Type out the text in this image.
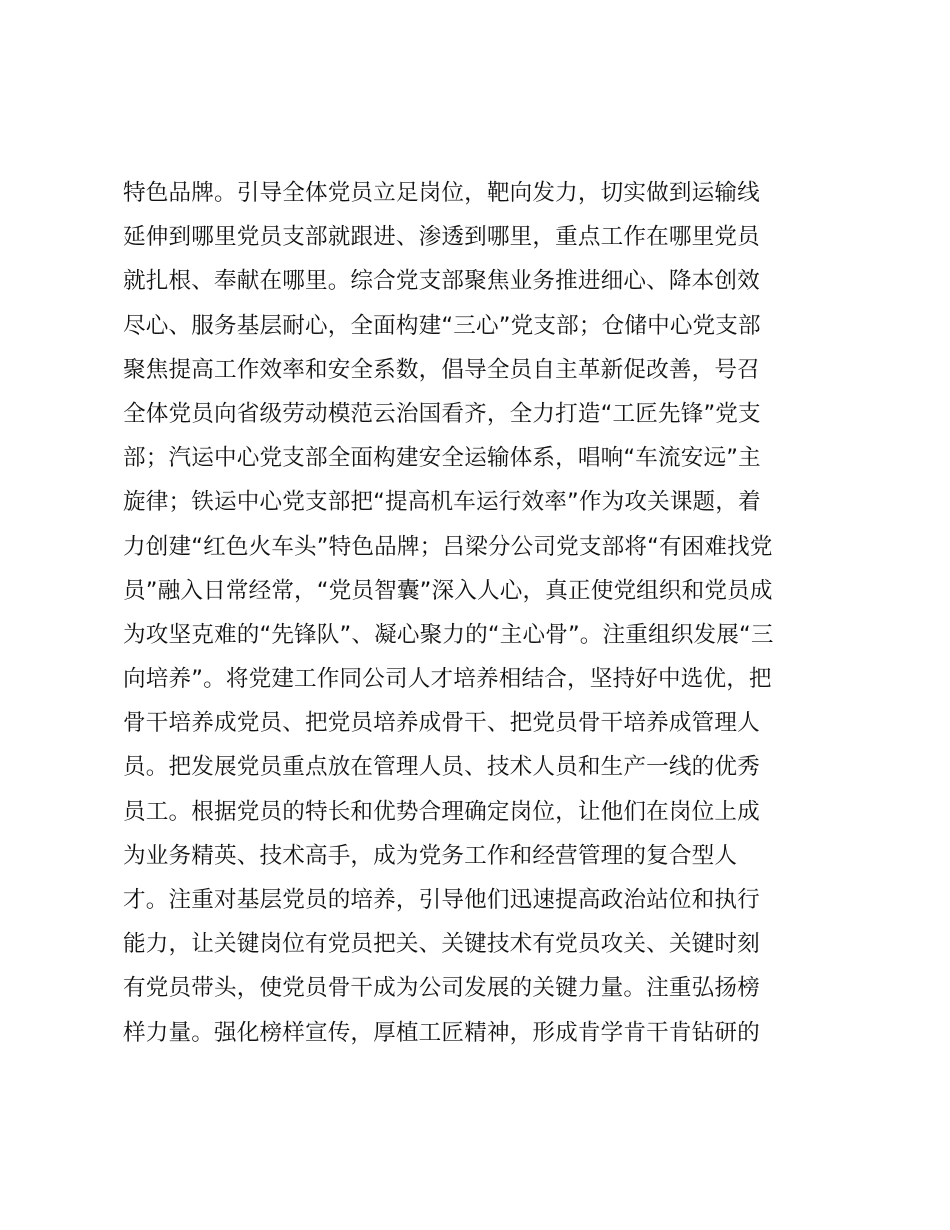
特色品牌。引导全体党员立足岗位，靶向发力，切实做到运输线
延伸到哪里党员支部就跟进、渗透到哪里，重点工作在哪里党员
就扎根、奉献在哪里。综合党支部聚焦业务推进细心、降本创效
尽心、服务基层耐心，全面构建“三心”党支部；仓储中心党支部
聚焦提高工作效率和安全系数，倡导全员自主革新促改善，号召
全体党员向省级劳动模范云治国看齐，全力打造“工匠先锋”党支
部；汽运中心党支部全面构建安全运输体系，唱响“车流安远”主
旋律；铁运中心党支部把“提高机车运行效率”作为攻关课题，着
力创建“红色火车头”特色品牌；吕梁分公司党支部将“有困难找党
员”融入日常经常，“党员智囊”深入人心，真正使党组织和党员成
为攻坚克难的“先锋队”、凝心聚力的“主心骨”。注重组织发展“三
向培养”。将党建工作同公司人才培养相结合，坚持好中选优，把
骨干培养成党员、把党员培养成骨干、把党员骨干培养成管理人
员。把发展党员重点放在管理人员、技术人员和生产一线的优秀
员工。根据党员的特长和优势合理确定岗位，让他们在岗位上成
为业务精英、技术高手，成为党务工作和经营管理的复合型人
才。注重对基层党员的培养，引导他们迅速提高政治站位和执行
能力，让关键岗位有党员把关、关键技术有党员攻关、关键时刻
有党员带头，使党员骨干成为公司发展的关键力量。注重弘扬榜
样力量。强化榜样宣传，厚植工匠精神，形成肯学肯干肯钻研的
